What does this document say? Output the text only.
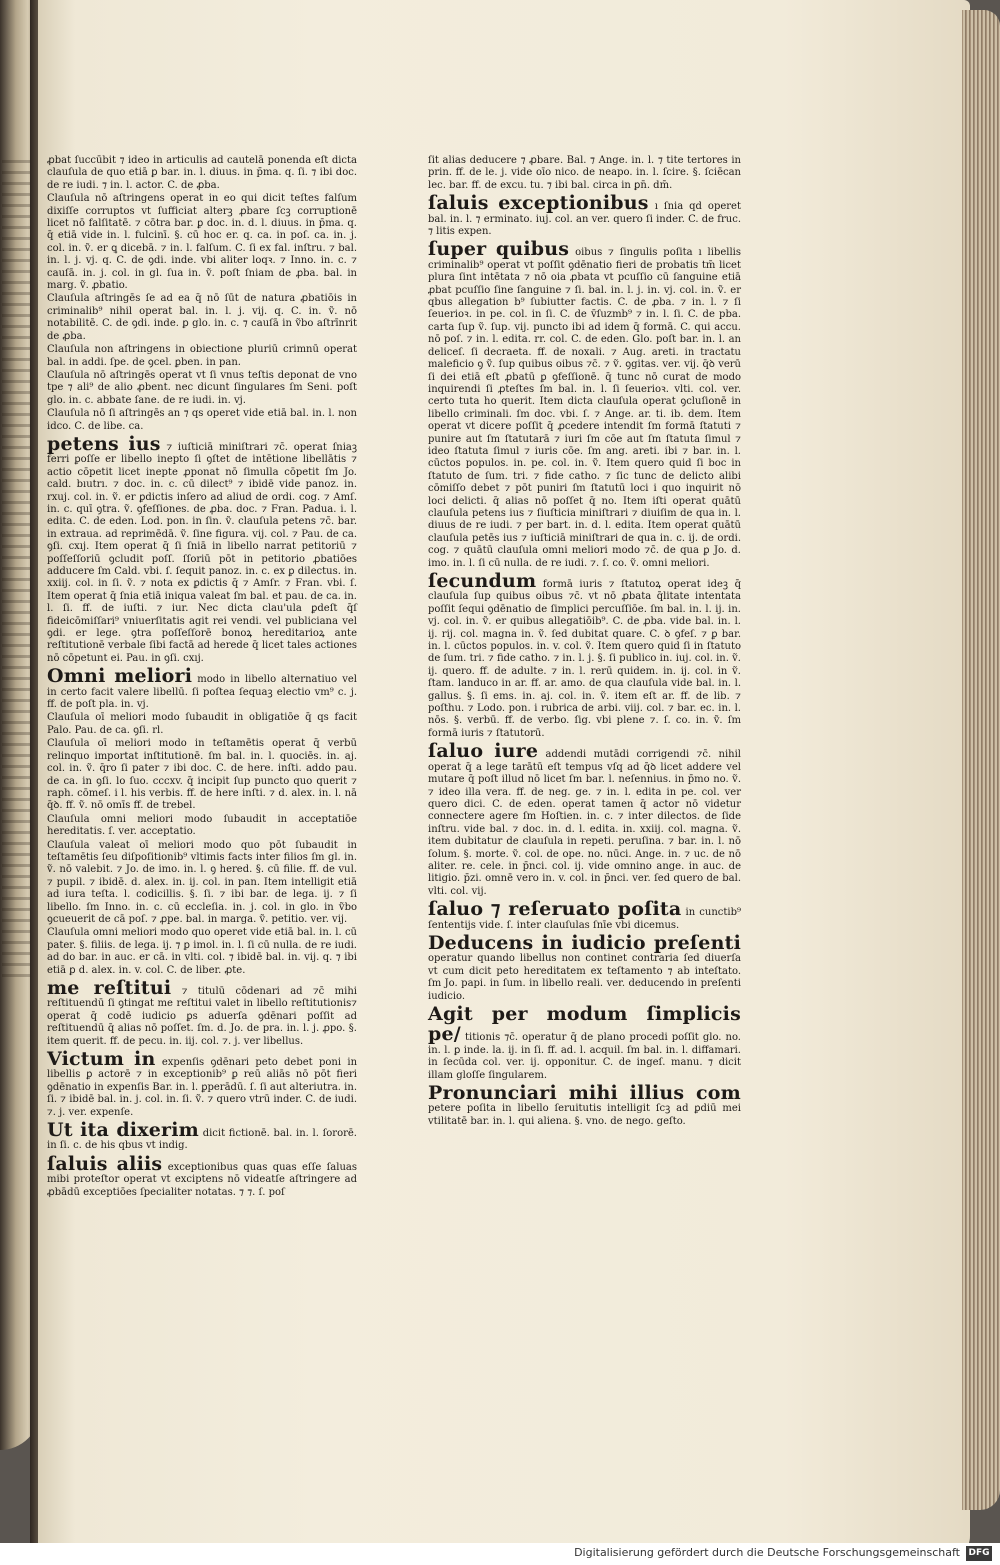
ꝓbat ſuccūbit ⁊ ideo in articulis ad cautelā ponenda eſt dicta clauſula de quo etiā ꝑ bar. in. l. diuus. in p̄ma. q. ſi. ⁊ ibi doc. de re iudi. ⁊ in. l. actor. C. de ꝓba.

Clauſula nō aſtringens operat in eo qui dicit teſtes falſum dixiſſe corruptos vt ſufficiat alterꝫ ꝓbare ſcꝫ corruptionē licet nō falſitatē. ⁊ cōtra bar. ꝑ doc. in. d. l. diuus. in p̄ma. q. q̄ etiā vide in. l. fulcinī. §. cū hoc er. q. ca. in poſ. ca. in. j. col. in. ṽ. er ꝗ dicebā. ⁊ in. l. falſum. C. ſi ex fal. inſtru. ⁊ bal. in. l. j. vj. q. C. de ꝯdi. inde. vbi aliter loqꝛ. ⁊ Inno. in. c. ⁊ cauſā. in. j. col. in gl. ſua in. ṽ. poſt ſniam de ꝓba. bal. in marg. ṽ. ꝓbatio.

Clauſula aſtringēs ſe ad ea q̄ nō ſūt de natura ꝓbatiōis in criminalib⁹ nihil operat bal. in. l. j. vij. q. C. in. ṽ. nō notabilitē. C. de ꝯdi. inde. ꝑ glo. in. c. ⁊ cauſā in ṽbo aſtrīnrit de ꝓba.

Clauſula non aſtringens in obiectione pluriū crimnū operat bal. in addi. ſpe. de ꝯcel. ꝑben. in pan.

Clauſula nō aſtringēs operat vt ſi vnus teſtis deponat de vno tpe ⁊ ali⁹ de alio ꝓbent. nec dicunt ſingulares ſm Seni. poſt glo. in. c. abbate ſane. de re iudi. in. vj.

Clauſula nō ſi aſtringēs an ⁊ qs operet vide etiā bal. in. l. non idco. C. de libe. ca.

petens ius ⁊ iuſticiā miniſtrari ⁊c̄. operat ſniaꝫ ferri ꝑoſſe er libello inepto ſi ꝯſtet de intētione libellātis ⁊ actio cōpetit licet inepte ꝓponat nō ſimulla cōpetit ſm Jo. cald. bıutrı. ⁊ doc. in. c. cū dilect⁹ ⁊ ibidē vide panoz. in. rxuj. col. in. ṽ. er ꝑdictis inſero ad aliud de ordi. cog. ⁊ Amſ. in. c. quī ꝯtra. ṽ. ꝯfeſſiones. de ꝓba. doc. ⁊ Fran. Padua. i. l. edita. C. de eden. Lod. pon. in ſin. ṽ. clauſula petens ⁊c̄. bar. in extraua. ad reprimēdā. ṽ. ſine figura. vij. col. ⁊ Pau. de ca. ꝯſi. cxıj. Item operat q̄ ſi ſniā in libello narrat petitoriū ⁊ poſſeſſoriū ꝯcludit poſſ. ſſoriū pōt in petitorio ꝓbatiōes adducere ſm Cald. vbi. ſ. ſequit panoz. in. c. ex ꝑ dilectus. in. xxiij. col. in ſi. ṽ. ⁊ nota ex ꝑdictis q̄ ⁊ Amſr. ⁊ Fran. vbi. ſ. Item operat q̄ ſnia etiā iniqua valeat ſm bal. et pau. de ca. in. l. ſi. ff. de iuſti. ⁊ iur. Nec dicta clau'ula ꝑdeſt q̄ſ fideicōmiſſari⁹ vniuerſitatis agit rei vendi. vel publiciana vel ꝯdi. er lege. ꝯtra poſſeſſorē bonoꝝ hereditarioꝝ ante reſtitutionē verbale ſibi factā ad herede q̄ licet tales actiones nō cōpetunt ei. Pau. in ꝯſi. cxıj.

Omni meliori modo in libello alternatiuo vel in certo facit valere libellū. ſi poſtea ſequaꝫ electio vm⁹ c. j. ff. de poſt pla. in. vj.

Clauſula oī meliori modo ſubaudit in obligatiōe q̄ qs facit Palo. Pau. de ca. ꝯſi. rl.

Clauſula oī meliori modo in teſtamētis operat q̄ verbū relinquo importat inſtitutionē. ſm bal. in. l. quociēs. in. aj. col. in. ṽ. q̄ro ſi pater ⁊ ibi doc. C. de here. inſti. addo pau. de ca. in ꝯſi. lo ſuo. cccxv. q̄ incipit ſup puncto quo querit ⁊ raph. cōmeſ. i l. his verbis. ff. de here inſti. ⁊ d. alex. in. l. nā q̄ꝺ. ff. ṽ. nō omīs ff. de trebel.

Clauſula omni meliori modo ſubaudit in acceptatiōe hereditatis. ſ. ver. acceptatio.

Clauſula valeat oī meliori modo quo pōt ſubaudit in teſtamētis ſeu diſpoſitionib⁹ vltimis facts inter filios ſm gl. in. ṽ. nō valebit. ⁊ Jo. de imo. in. l. ꝯ hered. §. cū filie. ff. de vul. ⁊ pupil. ⁊ ibidē. d. alex. in. ij. col. in pan. Item intelligit etiā ad iura teſta. l. codicillis. §. ſi. ⁊ ibi bar. de lega. ij. ⁊ ſi libello. ſm Inno. in. c. cū eccleſia. in. j. col. in glo. in ṽbo ꝯcueuerit de cā poſ. ⁊ ꝓpe. bal. in marga. ṽ. petitio. ver. vij.

Clauſula omni meliori modo quo operet vide etiā bal. in. l. cū pater. §. filiis. de lega. ij. ⁊ ꝑ imol. in. l. ſi cū nulla. de re iudi. ad do bar. in auc. er cā. in vlti. col. ⁊ ibidē bal. in. vij. q. ⁊ ibi etiā ꝑ d. alex. in. v. col. C. de liber. ꝓte.

me reſtitui ⁊ titulū cōdenari ad ⁊c̄ mihi reſtituendū ſi ꝯtingat me reſtitui valet in libello reſtitutionis⁊ operat q̄ codē iudicio ꝑs aduerſa ꝯdēnari poſſit ad reſtituendū q̄ alias nō poſſet. ſm. d. Jo. de pra. in. l. j. ꝓpo. §. item querit. ff. de pecu. in. iij. col. ⁊. j. ver libellus.

Victum in expenſis ꝯdēnari peto debet poni in libellis ꝑ actorē ⁊ in exceptionib⁹ ꝑ reū aliās nō pōt fieri ꝯdēnatio in expenſis Bar. in. l. ꝑperādū. ſ. ſi aut alteriutra. in. ſi. ⁊ ibidē bal. in. j. col. in. ſi. ṽ. ⁊ quero vtrū inder. C. de iudi. ⁊. j. ver. expenſe.

Ut ita dixerim dicit fictionē. bal. in. l. ſororē. in ſi. c. de his qbus vt indig.

ſaluis aliis exceptionibus quas quas eſſe ſaluas mibi proteſtor operat vt exciptens nō videatſe aſtringere ad ꝓbādū exceptiōes ſpecialiter notatas. ⁊ ⁊. ſ. poſ

ſit alias deducere ⁊ ꝓbare. Bal. ⁊ Ange. in. l. ⁊ tite tertores in prin. ff. de le. j. vide oīo nico. de neapo. in. l. ſcire. §. ſciēcan lec. bar. ff. de excu. tu. ⁊ ibi bal. circa in ꝑn̄. dm̄.

ſaluis exceptionibus ı ſnia qd operet bal. in. l. ⁊ erminato. iuj. col. an ver. quero ſi inder. C. de fruc. ⁊ litis expen.

ſuper quibus oibus ⁊ ſingulis poſita ı libellis criminalib⁹ operat vt poſſit ꝯdēnatio fieri de probatis tm̄ licet plura ſint intētata ⁊ nō oia ꝓbata vt pcuſſio cū ſanguine etiā ꝓbat pcuſſio ſine ſanguine ⁊ ſi. bal. in. l. j. in. vj. col. in. ṽ. er qbus allegation b⁹ ſubiutter factis. C. de ꝓba. ⁊ in. l. ⁊ ſi ſeuerioꝛ. in pe. col. in ſi. C. de v̄ſuzmb⁹ ⁊ in. l. ſi. C. de pba. carta ſup ṽ. ſup. vij. puncto ibi ad idem q̄ formā. C. qui accu. nō poſ. ⁊ in. l. edita. rr. col. C. de eden. Glo. poſt bar. in. l. an deliceſ. ſi decraeta. ff. de noxali. ⁊ Aug. areti. in tractatu maleficio ꝯ ṽ. ſup quibus oibus ⁊c̄. ⁊ ṽ. ꝯgitas. ver. vij. q̄ꝺ verū ſi dei etiā eſt ꝓbatū ꝑ ꝯfeſſionē. q̄ tunc nō curat de modo inquirendi ſi ꝓteſtes ſm bal. in. l. ſi ſeuerioꝛ. vlti. col. ver. certo tuta ho querit. Item dicta clauſula operat ꝯcluſionē in libello criminali. ſm doc. vbi. ſ. ⁊ Ange. ar. ti. ib. dem. Item operat vt dicere poſſit q̄ ꝓcedere intendit ſm formā ſtatuti ⁊ punire aut ſm ſtatutarā ⁊ iuri ſm cōe aut ſm ſtatuta ſimul ⁊ ideo ſtatuta ſimul ⁊ iuris cōe. ſm ang. areti. ibi ⁊ bar. in. l. cūctos populos. in. pe. col. in. ṽ. Item quero quid ſi boc in ſtatuto de ſum. tri. ⁊ fide catho. ⁊ ſic tunc de delicto alibi cōmiſſo debet ⁊ pōt puniri ſm ſtatutū loci i quo inquirit nō loci delicti. q̄ alias nō poſſet q̄ no. Item iſti operat quātū clauſula petens ius ⁊ ſiuſticia miniſtrari ⁊ diuiſim de qua in. l. diuus de re iudi. ⁊ per bart. in. d. l. edita. Item operat quātū clauſula petēs ius ⁊ iuſticiā miniſtrari de qua in. c. ij. de ordi. cog. ⁊ quātū clauſula omni meliori modo ⁊c̄. de qua ꝑ Jo. d. imo. in. l. ſi cū nulla. de re iudi. ⁊. ſ. co. ṽ. omni meliori.

ſecundum formā iuris ⁊ ſtatutoꝝ operat ideꝫ q̄ clauſula ſup quibus oibus ⁊c̄. vt nō ꝓbata q̄litate intentata poſſit ſequi ꝯdēnatio de ſimplici percuſſiōe. ſm bal. in. l. ij. in. vj. col. in. ṽ. er quibus allegatiōib⁹. C. de ꝓba. vide bal. in. l. ij. rij. col. magna in. ṽ. ſed dubitat quare. C. ꝺ ꝯfeſ. ⁊ ꝑ bar. in. l. cūctos populos. in. v. col. ṽ. Item quero quid ſi in ſtatuto de ſum. tri. ⁊ fide catho. ⁊ in. l. j. §. ſi publico in. iuj. col. in. ṽ. ij. quero. ff. de adulte. ⁊ in. l. rerū quidem. in. ij. col. in ṽ. ſtam. landuco in ar. ff. ar. amo. de qua clauſula vide bal. in. l. gallus. §. ſi ems. in. aj. col. in. ṽ. item eſt ar. ff. de lib. ⁊ poſthu. ⁊ Lodo. pon. i rubrica de arbi. viij. col. ⁊ bar. ec. in. l. nōs. §. verbū. ff. de verbo. ſig. vbi plene ⁊. ſ. co. in. ṽ. ſm formā iuris ⁊ ſtatutorū.

ſaluo iure addendi mutādi corrigendi ⁊c̄. nihil operat q̄ a lege tarātū eſt tempus vſq ad q̄ꝺ licet addere vel mutare q̄ poſt illud nō licet ſm bar. l. neſennius. in p̄mo no. ṽ. ⁊ ideo illa vera. ff. de neg. ge. ⁊ in. l. edita in pe. col. ver quero dici. C. de eden. operat tamen q̄ actor nō videtur connectere agere ſm Hoſtien. in. c. ⁊ inter dilectos. de ſide inſtru. vide bal. ⁊ doc. in. d. l. edita. in. xxiij. col. magna. ṽ. item dubitatur de clauſula in repeti. peruſina. ⁊ bar. in. l. nō ſolum. §. morte. ṽ. col. de ope. no. nūci. Ange. in. ⁊ uc. de nō aliter. re. cele. in p̄nci. col. ij. vide omnino ange. in auc. de litigio. p̄zi. omnē vero in. v. col. in p̄nci. ver. ſed quero de bal. vlti. col. vij.

ſaluo ⁊ reſeruato poſita in cunctib⁹ ſententijs vide. ſ. inter clauſulas ſnīe vbi dicemus.

Deducens in iudicio preſenti operatur quando libellus non continet contraria ſed diuerſa vt cum dicit peto hereditatem ex teſtamento ⁊ ab inteſtato. ſm Jo. papi. in ſum. in libello reali. ver. deducendo in preſenti iudicio.

Agit per modum ſimplicis pe/ titionis ⁊c̄. operatur q̄ de plano procedi poſſit glo. no. in. l. ꝑ inde. la. ij. in ſi. ff. ad. l. acquil. ſm bal. in. l. diffamari. in ſecūda col. ver. ij. opponitur. C. de ingeſ. manu. ⁊ dicit illam gloſſe ſingularem.

Pronunciari mihi illius com petere poſita in libello ſeruitutis intelligit ſcꝫ ad ꝑdiū mei vtilitatē bar. in. l. qui aliena. §. vno. de nego. geſto.

Digitalisierung gefördert durch die Deutsche Forschungsgemeinschaft DFG
